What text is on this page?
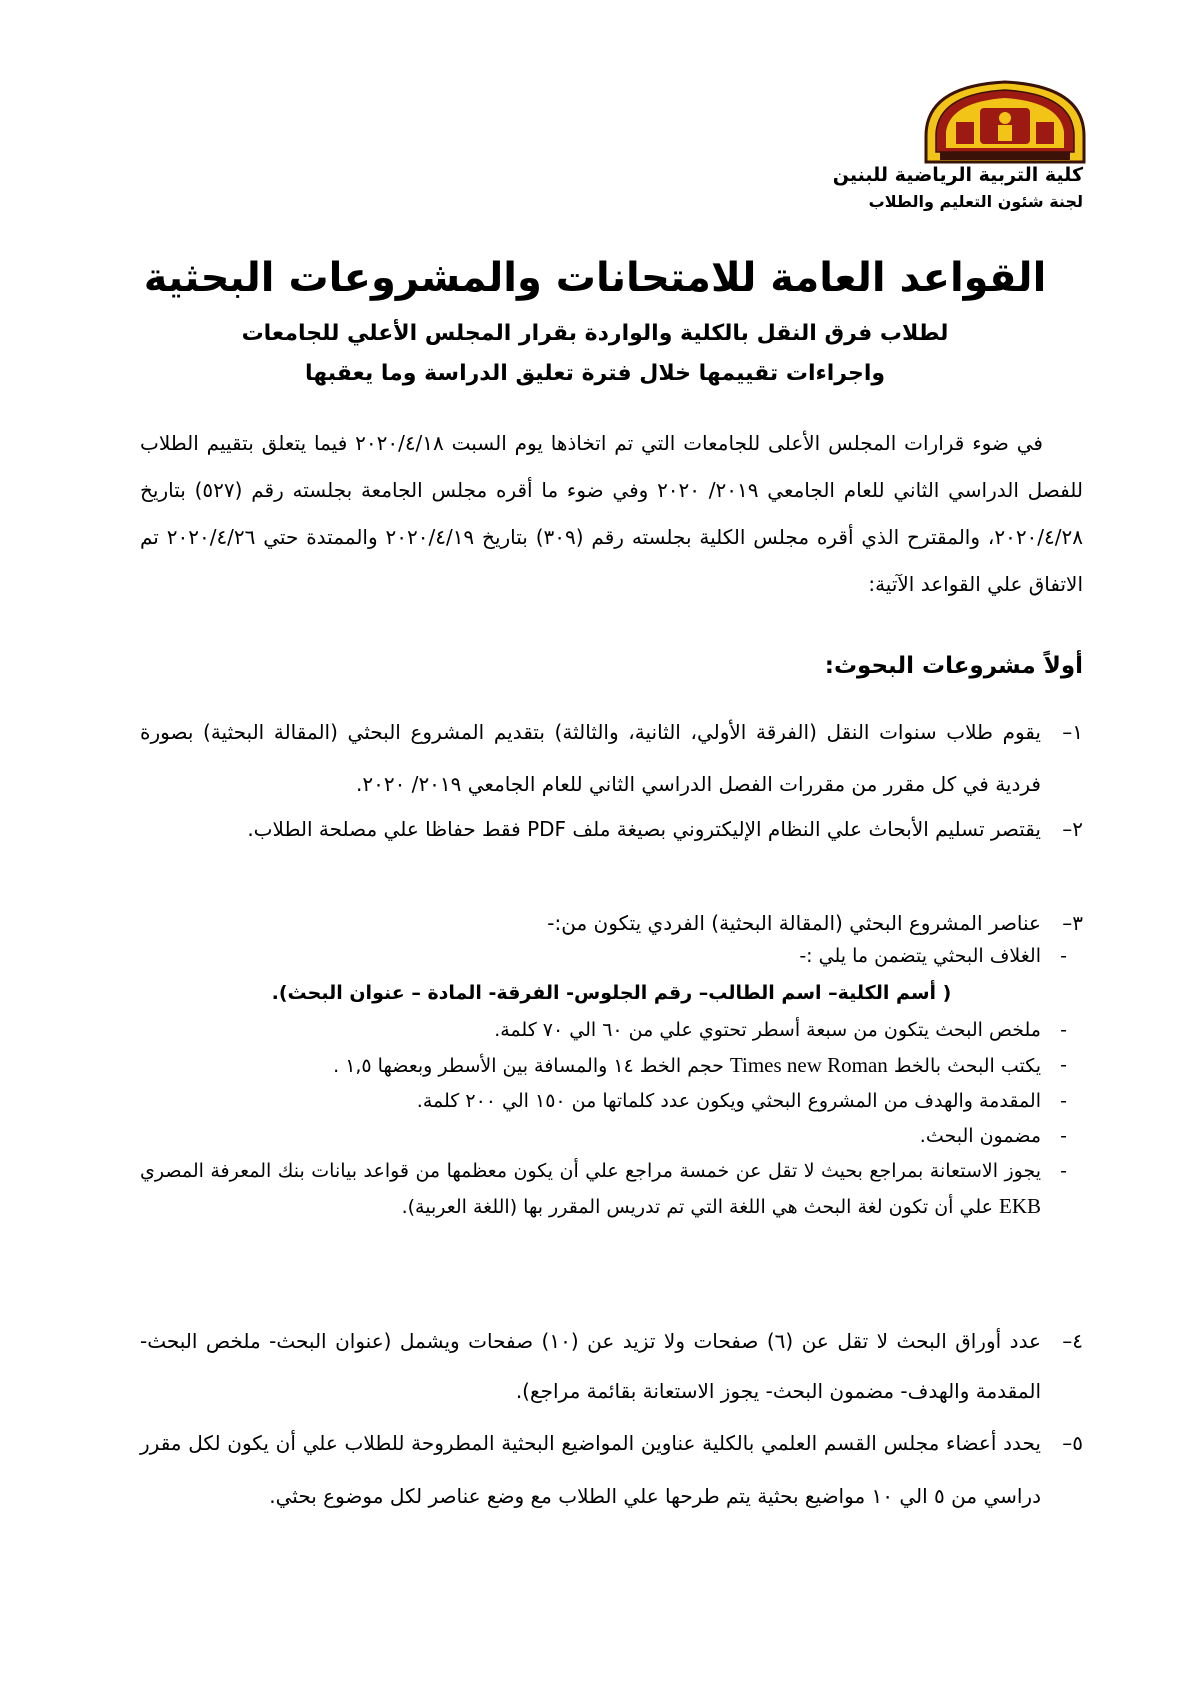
كلية التربية الرياضية للبنين
لجنة شئون التعليم والطلاب
القواعد العامة للامتحانات والمشروعات البحثية
لطلاب فرق النقل بالكلية والواردة بقرار المجلس الأعلي للجامعات
واجراءات تقييمها خلال فترة تعليق الدراسة وما يعقبها

في ضوء قرارات المجلس الأعلى للجامعات التي تم اتخاذها يوم السبت ٢٠٢٠/٤/١٨ فيما يتعلق بتقييم الطلاب للفصل الدراسي الثاني للعام الجامعي ٢٠١٩/ ٢٠٢٠ وفي ضوء ما أقره مجلس الجامعة بجلسته رقم (٥٢٧) بتاريخ ٢٠٢٠/٤/٢٨، والمقترح الذي أقره مجلس الكلية بجلسته رقم (٣٠٩) بتاريخ ٢٠٢٠/٤/١٩ والممتدة حتي ٢٠٢٠/٤/٢٦ تم الاتفاق علي القواعد الآتية:

أولاً مشروعات البحوث:
١–
يقوم طلاب سنوات النقل (الفرقة الأولي، الثانية، والثالثة) بتقديم المشروع البحثي (المقالة البحثية) بصورة فردية في كل مقرر من مقررات الفصل الدراسي الثاني للعام الجامعي ٢٠١٩/ ٢٠٢٠.
٢–
يقتصر تسليم الأبحاث علي النظام الإليكتروني بصيغة ملف PDF فقط حفاظا علي مصلحة الطلاب.
٣–
عناصر المشروع البحثي (المقالة البحثية) الفردي يتكون من:-
-
الغلاف البحثي يتضمن ما يلي :-
( أسم الكلية– اسم الطالب– رقم الجلوس- الفرقة- المادة – عنوان البحث).
-
ملخص البحث يتكون من سبعة أسطر تحتوي علي من ٦٠ الي ٧٠ كلمة.
-
يكتب البحث بالخط Times new Roman حجم الخط ١٤ والمسافة بين الأسطر وبعضها ١,٥ .
-
المقدمة والهدف من المشروع البحثي ويكون عدد كلماتها من ١٥٠ الي ٢٠٠ كلمة.
-
مضمون البحث.
-
يجوز الاستعانة بمراجع بحيث لا تقل عن خمسة مراجع علي أن يكون معظمها من قواعد بيانات بنك المعرفة المصري EKB علي أن تكون لغة البحث هي اللغة التي تم تدريس المقرر بها (اللغة العربية).
٤–
عدد أوراق البحث لا تقل عن (٦) صفحات ولا تزيد عن (١٠) صفحات ويشمل (عنوان البحث- ملخص البحث- المقدمة والهدف- مضمون البحث- يجوز الاستعانة بقائمة مراجع).
٥–
يحدد أعضاء مجلس القسم العلمي بالكلية عناوين المواضيع البحثية المطروحة للطلاب علي أن يكون لكل مقرر دراسي من ٥ الي ١٠ مواضيع بحثية يتم طرحها علي الطلاب مع وضع عناصر لكل موضوع بحثي.
